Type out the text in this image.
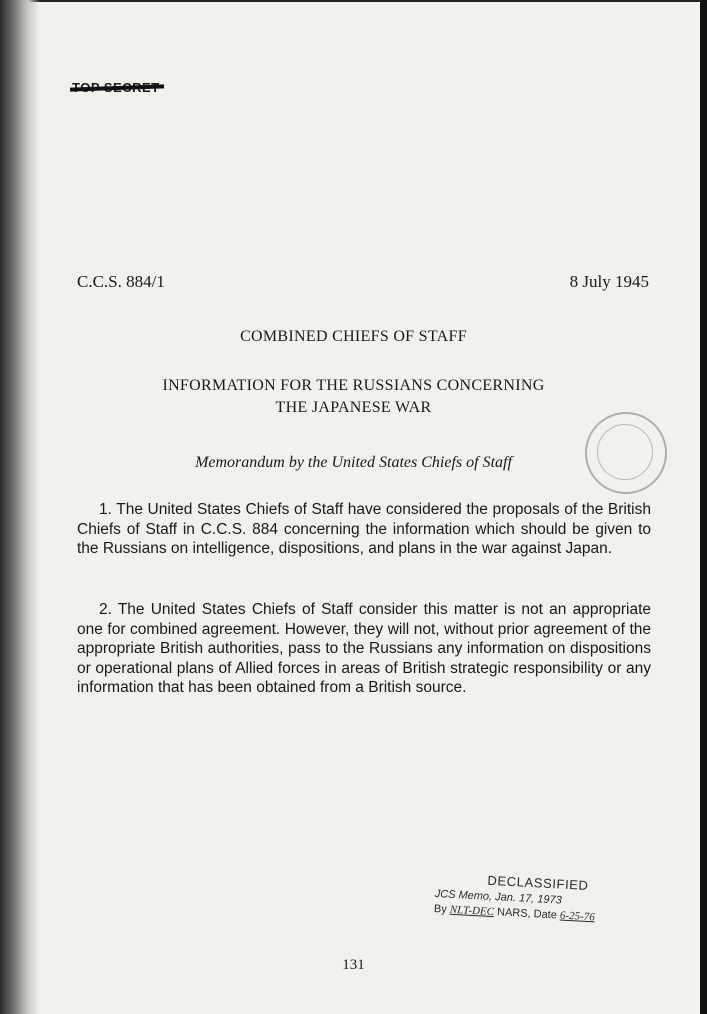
C.C.S. 884/1	8 July 1945
COMBINED CHIEFS OF STAFF
INFORMATION FOR THE RUSSIANS CONCERNING
THE JAPANESE WAR
Memorandum by the United States Chiefs of Staff
1. The United States Chiefs of Staff have considered the proposals of the British Chiefs of Staff in C.C.S. 884 concerning the information which should be given to the Russians on intelligence, dispositions, and plans in the war against Japan.
2. The United States Chiefs of Staff consider this matter is not an appropriate one for combined agreement. However, they will not, without prior agreement of the appropriate British authorities, pass to the Russians any information on dispositions or operational plans of Allied forces in areas of British strategic responsibility or any information that has been obtained from a British source.
DECLASSIFIED
JCS Memo, Jan. 17, 1973
By NLT-DEC NARS, Date 6-25-76
131
